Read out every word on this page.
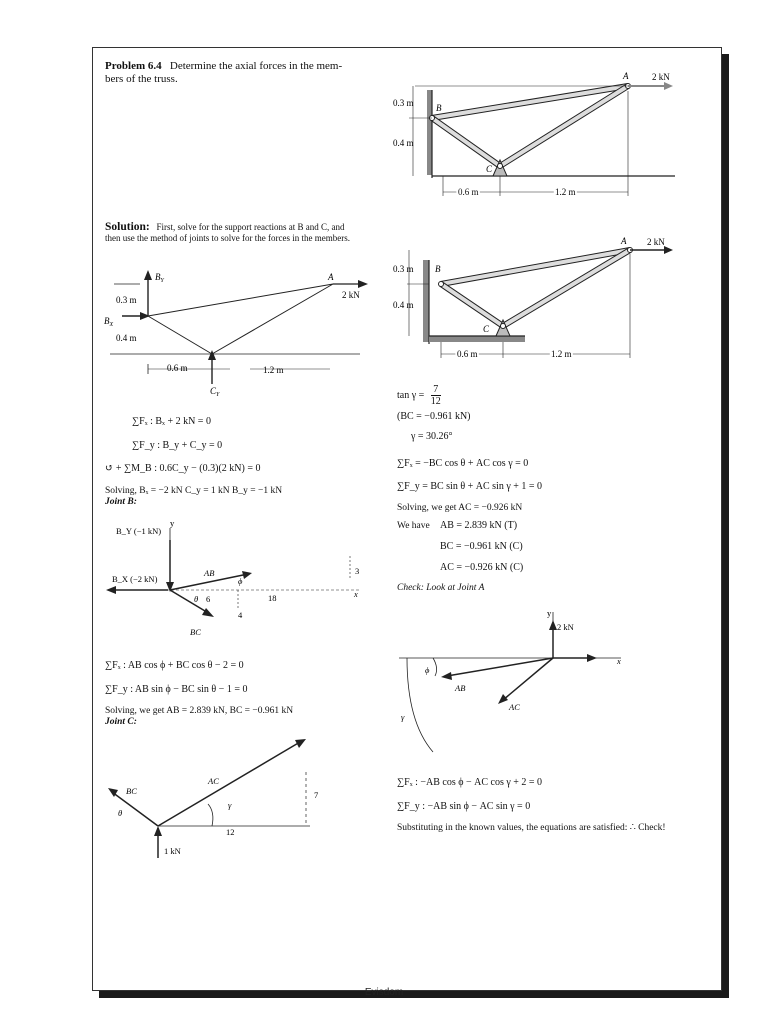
Problem 6.4 Determine the axial forces in the mem-
bers of the truss.
0.3 m
0.4 m
0.6 m	1.2 m
A
B
C
2 kN
Solution: First, solve for the support reactions at B and C, and
then use the method of joints to solve for the forces in the members.
0.3 m
0.4 m
0.6 m	1.2 m
A
2 kN
$B_Y$
$B_X$
$C_Y$
∑Fₓ : Bₓ + 2 kN = 0
∑F_y : B_y + C_y = 0
↺ + ∑M_B : 0.6C_y − (0.3)(2 kN) = 0
Solving, Bₓ = −2 kN C_y = 1 kN B_y = −1 kN
Joint B:
B_Y (−1 kN)
B_X (−2 kN)
y
x
AB
BC
ϕ
θ 6
4
18
3
∑Fₓ : AB cos ϕ + BC cos θ − 2 = 0
∑F_y : AB sin ϕ − BC sin θ − 1 = 0
Solving, we get AB = 2.839 kN, BC = −0.961 kN
Joint C:
BC
AC
θ
γ
7
12
1 kN
0.3 m
0.4 m
0.6 m	1.2 m
A
B
C
2 kN
$\tan \gamma = \frac{7}{12}$
(BC = −0.961 kN)
γ = 30.26°
∑Fₓ = −BC cos θ + AC cos γ = 0
∑F_y = BC sin θ + AC sin γ + 1 = 0
Solving, we get AC = −0.926 kN
We have AB = 2.839 kN (T)
BC = −0.961 kN (C)
AC = −0.926 kN (C)
Check: Look at Joint A
y
x
2 kN
AB
AC
ϕ
γ
∑Fₓ : −AB cos ϕ − AC cos γ + 2 = 0
∑F_y : −AB sin ϕ − AC sin γ = 0
Substituting in the known values, the equations are satisfied: ∴ Check!
Evisdom
